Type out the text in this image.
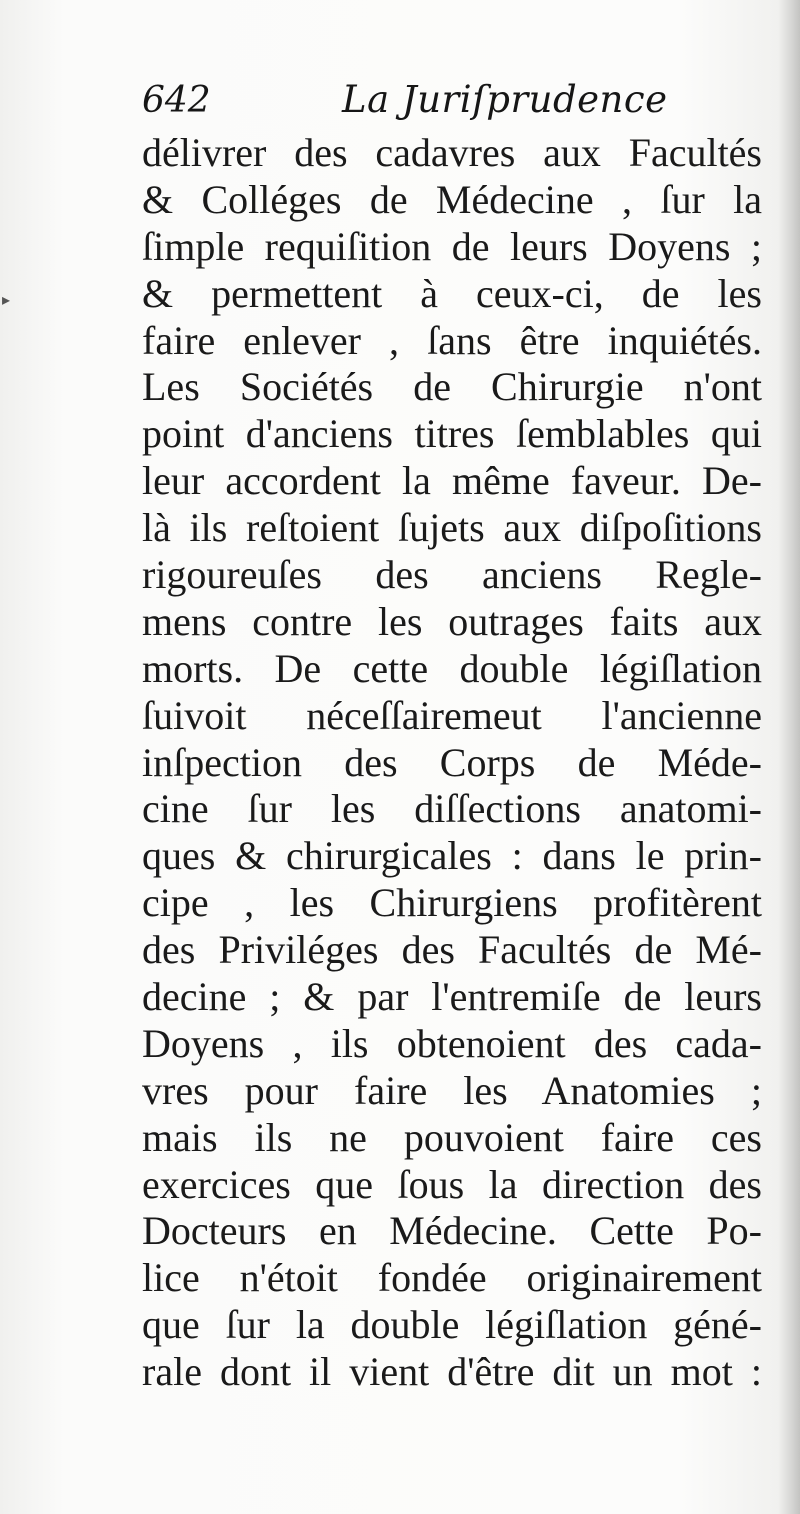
642	La Juriſprudence
▸
délivrer des cadavres aux Facultés
& Colléges de Médecine , ſur la
ſimple requiſition de leurs Doyens ;
& permettent à ceux-ci, de les
faire enlever , ſans être inquiétés.
Les Sociétés de Chirurgie n'ont
point d'anciens titres ſemblables qui
leur accordent la même faveur. De-
là ils reſtoient ſujets aux diſpoſitions
rigoureuſes des anciens Regle-
mens contre les outrages faits aux
morts. De cette double légiſlation
ſuivoit néceſſairemeut l'ancienne
inſpection des Corps de Méde-
cine ſur les diſſections anatomi-
ques & chirurgicales : dans le prin-
cipe , les Chirurgiens profitèrent
des Priviléges des Facultés de Mé-
decine ; & par l'entremiſe de leurs
Doyens , ils obtenoient des cada-
vres pour faire les Anatomies ;
mais ils ne pouvoient faire ces
exercices que ſous la direction des
Docteurs en Médecine. Cette Po-
lice n'étoit fondée originairement
que ſur la double légiſlation géné-
rale dont il vient d'être dit un mot :
